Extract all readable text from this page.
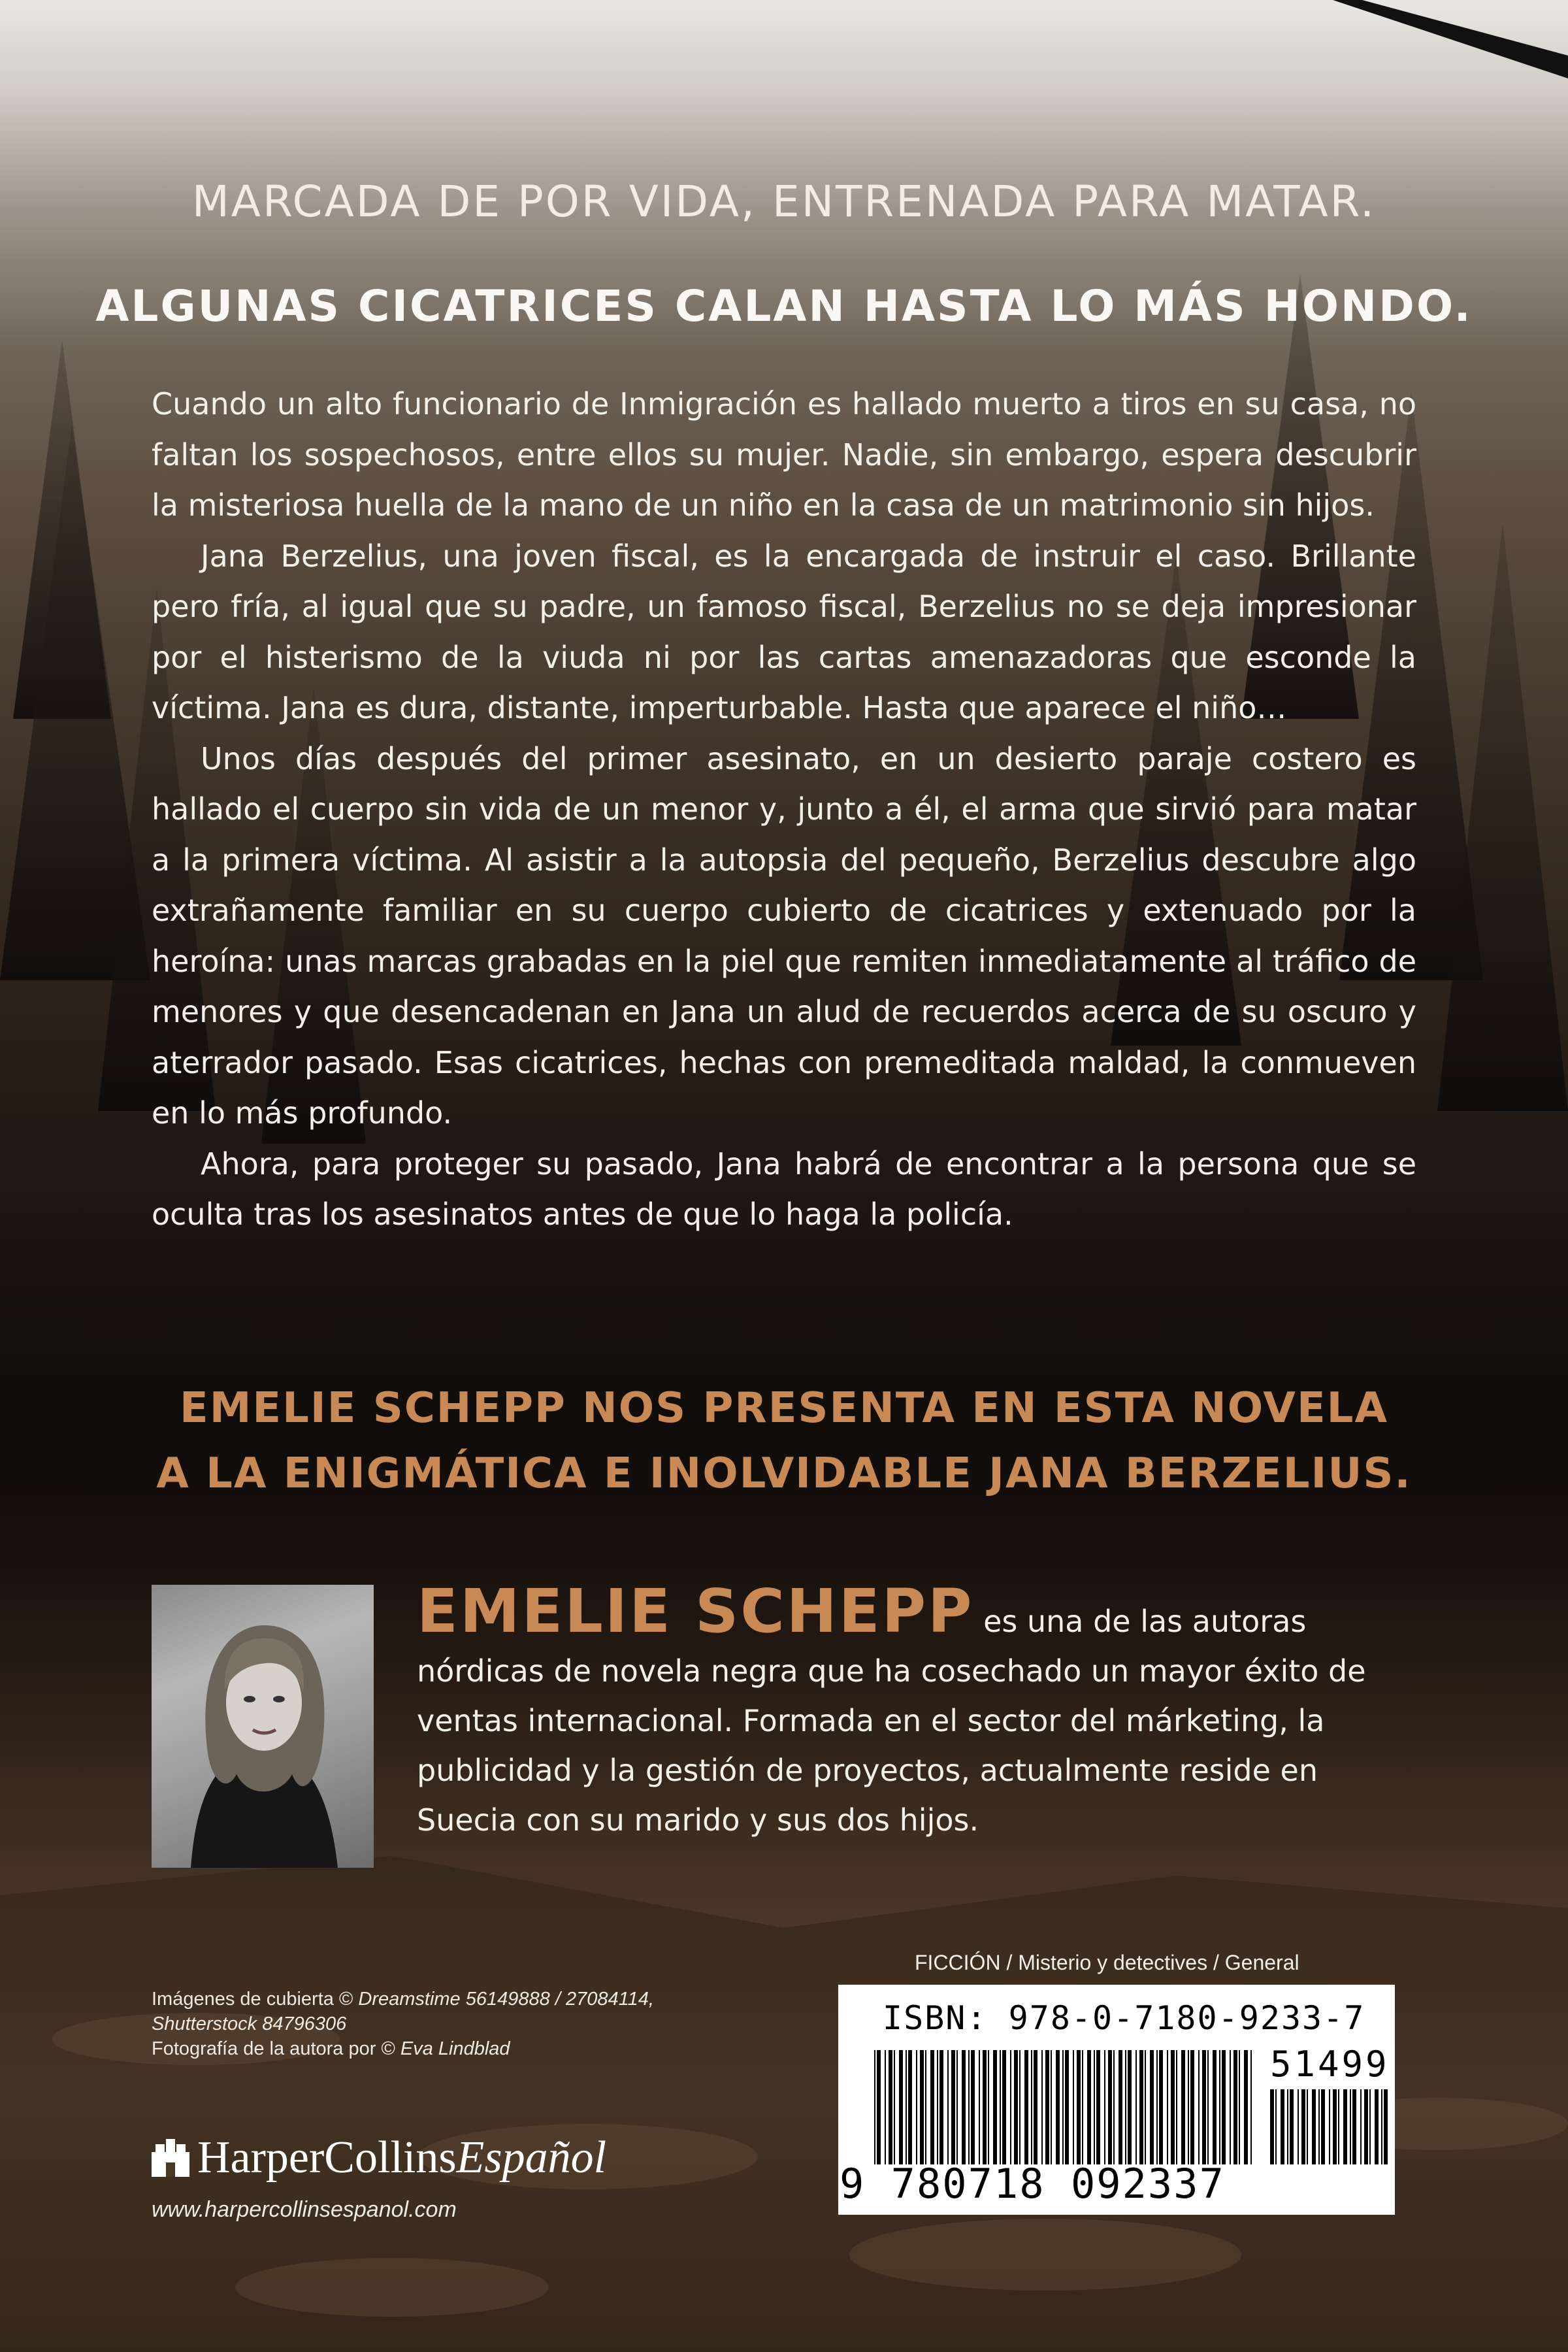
MARCADA DE POR VIDA, ENTRENADA PARA MATAR.
ALGUNAS CICATRICES CALAN HASTA LO MÁS HONDO.

Cuando un alto funcionario de Inmigración es hallado muerto a tiros en su casa, no faltan los sospechosos, entre ellos su mujer. Nadie, sin embargo, espera descubrir la misteriosa huella de la mano de un niño en la casa de un matrimonio sin hijos.

Jana Berzelius, una joven fiscal, es la encargada de instruir el caso. Brillante pero fría, al igual que su padre, un famoso fiscal, Berzelius no se deja impresionar por el histerismo de la viuda ni por las cartas amenazadoras que esconde la víctima. Jana es dura, distante, imperturbable. Hasta que aparece el niño…

Unos días después del primer asesinato, en un desierto paraje costero es hallado el cuerpo sin vida de un menor y, junto a él, el arma que sirvió para matar a la primera víctima. Al asistir a la autopsia del pequeño, Berzelius descubre algo extrañamente familiar en su cuerpo cubierto de cicatrices y extenuado por la heroína: unas marcas grabadas en la piel que remiten inmediatamente al tráfico de menores y que desencadenan en Jana un alud de recuerdos acerca de su oscuro y aterrador pasado. Esas cicatrices, hechas con premeditada maldad, la conmueven en lo más profundo.

Ahora, para proteger su pasado, Jana habrá de encontrar a la persona que se oculta tras los asesinatos antes de que lo haga la policía.

EMELIE SCHEPP NOS PRESENTA EN ESTA NOVELA
A LA ENIGMÁTICA E INOLVIDABLE JANA BERZELIUS.
EMELIE SCHEPP es una de las autoras
nórdicas de novela negra que ha cosechado un mayor éxito de ventas internacional. Formada en el sector del márketing, la publicidad y la gestión de proyectos, actualmente reside en Suecia con su marido y sus dos hijos.
FICCIÓN / Misterio y detectives / General
Imágenes de cubierta © Dreamstime 56149888 / 27084114,
Shutterstock 84796306
Fotografía de la autora por © Eva Lindblad
HarperCollins Español
www.harpercollinsespanol.com
ISBN: 978-0-7180-9233-7
51499
9 780718 092337
